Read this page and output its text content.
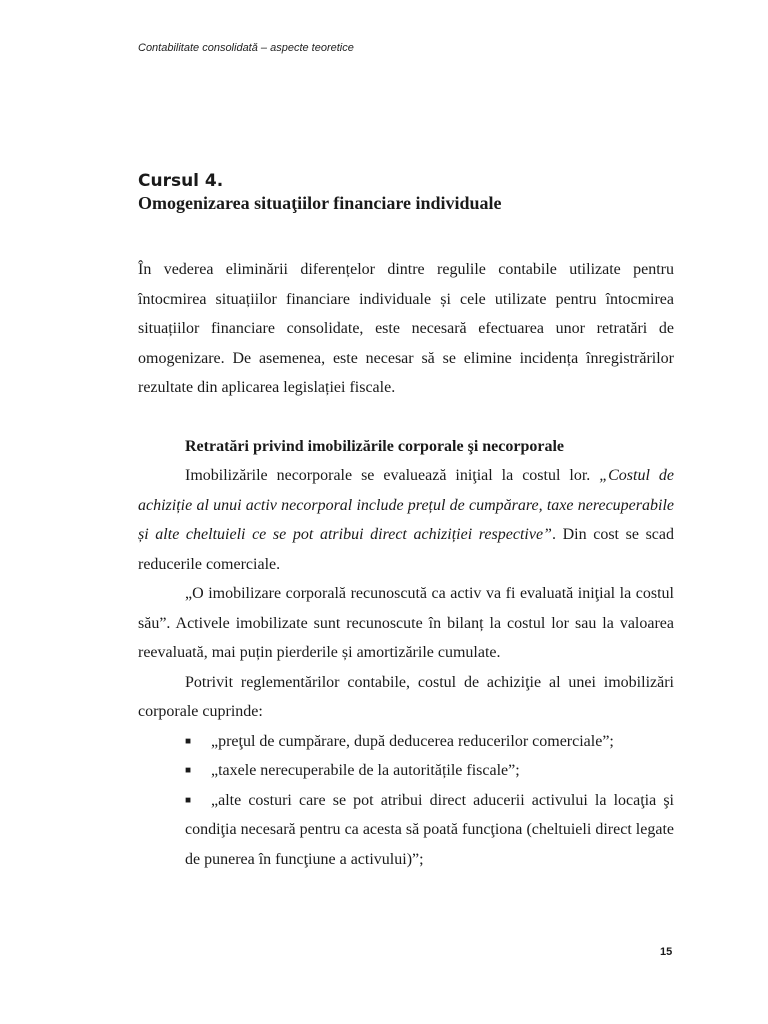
Contabilitate consolidată – aspecte teoretice

Cursul 4.

Omogenizarea situaţiilor financiare individuale

În vederea eliminării diferențelor dintre regulile contabile utilizate pentru întocmirea situațiilor financiare individuale și cele utilizate pentru întocmirea situațiilor financiare consolidate, este necesară efectuarea unor retratări de omogenizare. De asemenea, este necesar să se elimine incidența înregistrărilor rezultate din aplicarea legislației fiscale.

Retratări privind imobilizările corporale şi necorporale

Imobilizările necorporale se evaluează iniţial la costul lor. „Costul de achiziție al unui activ necorporal include prețul de cumpărare, taxe nerecuperabile și alte cheltuieli ce se pot atribui direct achiziției respective”. Din cost se scad reducerile comerciale.

„O imobilizare corporală recunoscută ca activ va fi evaluată iniţial la costul său”. Activele imobilizate sunt recunoscute în bilanț la costul lor sau la valoarea reevaluată, mai puțin pierderile și amortizările cumulate.

Potrivit reglementărilor contabile, costul de achiziţie al unei imobilizări corporale cuprinde:

■ „preţul de cumpărare, după deducerea reducerilor comerciale”;

■ „taxele nerecuperabile de la autoritățile fiscale”;

■ „alte costuri care se pot atribui direct aducerii activului la locaţia şi condiţia necesară pentru ca acesta să poată funcţiona (cheltuieli direct legate de punerea în funcţiune a activului)”;

15
